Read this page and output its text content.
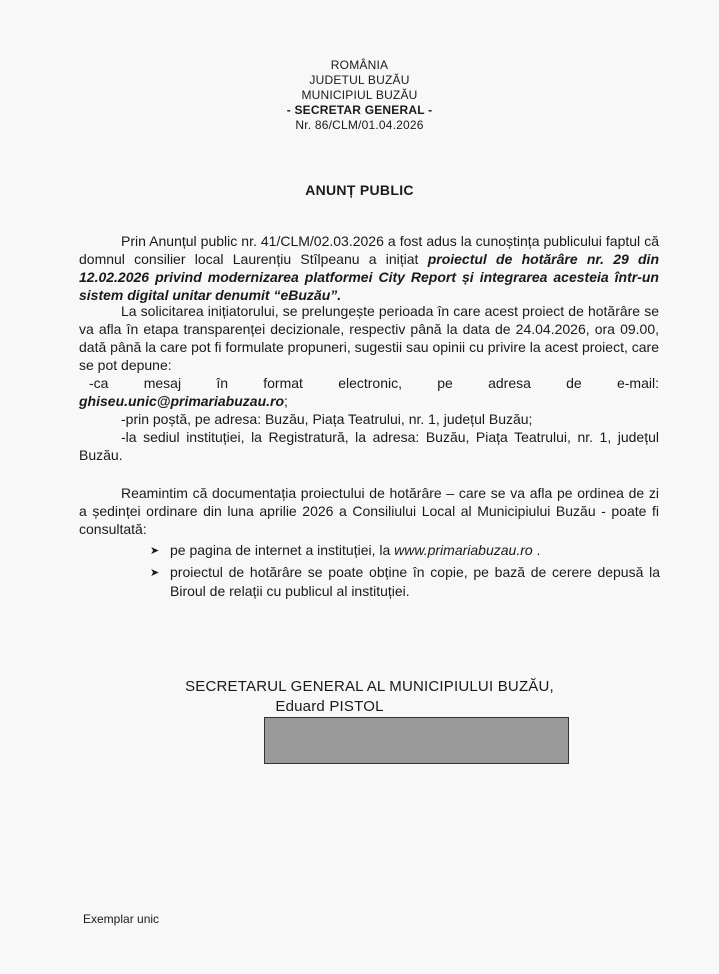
ROMÂNIA
JUDETUL BUZĂU
MUNICIPIUL BUZĂU
- SECRETAR GENERAL -
Nr. 86/CLM/01.04.2026
ANUNȚ PUBLIC
Prin Anunțul public nr. 41/CLM/02.03.2026 a fost adus la cunoștința publicului faptul că domnul consilier local Laurențiu Stîlpeanu a inițiat proiectul de hotărâre nr. 29 din 12.02.2026 privind modernizarea platformei City Report și integrarea acesteia într-un sistem digital unitar denumit “eBuzău”.
La solicitarea inițiatorului, se prelungește perioada în care acest proiect de hotărâre se va afla în etapa transparenței decizionale, respectiv până la data de 24.04.2026, ora 09.00, dată până la care pot fi formulate propuneri, sugestii sau opinii cu privire la acest proiect, care se pot depune:
-ca	mesaj	în	format	electronic,	pe	adresa	de	e-mail:
ghiseu.unic@primariabuzau.ro;
-prin poștă, pe adresa: Buzău, Piața Teatrului, nr. 1, județul Buzău;
-la sediul instituției, la Registratură, la adresa: Buzău, Piața Teatrului, nr. 1, județul Buzău.
Reamintim că documentația proiectului de hotărâre – care se va afla pe ordinea de zi a ședinței ordinare din luna aprilie 2026 a Consiliului Local al Municipiului Buzău - poate fi consultată:
➤ pe pagina de internet a instituției, la www.primariabuzau.ro .
➤ proiectul de hotărâre se poate obține în copie, pe bază de cerere depusă la Biroul de relații cu publicul al instituției.
SECRETARUL GENERAL AL MUNICIPIULUI BUZĂU,
Eduard PISTOL
Exemplar unic
